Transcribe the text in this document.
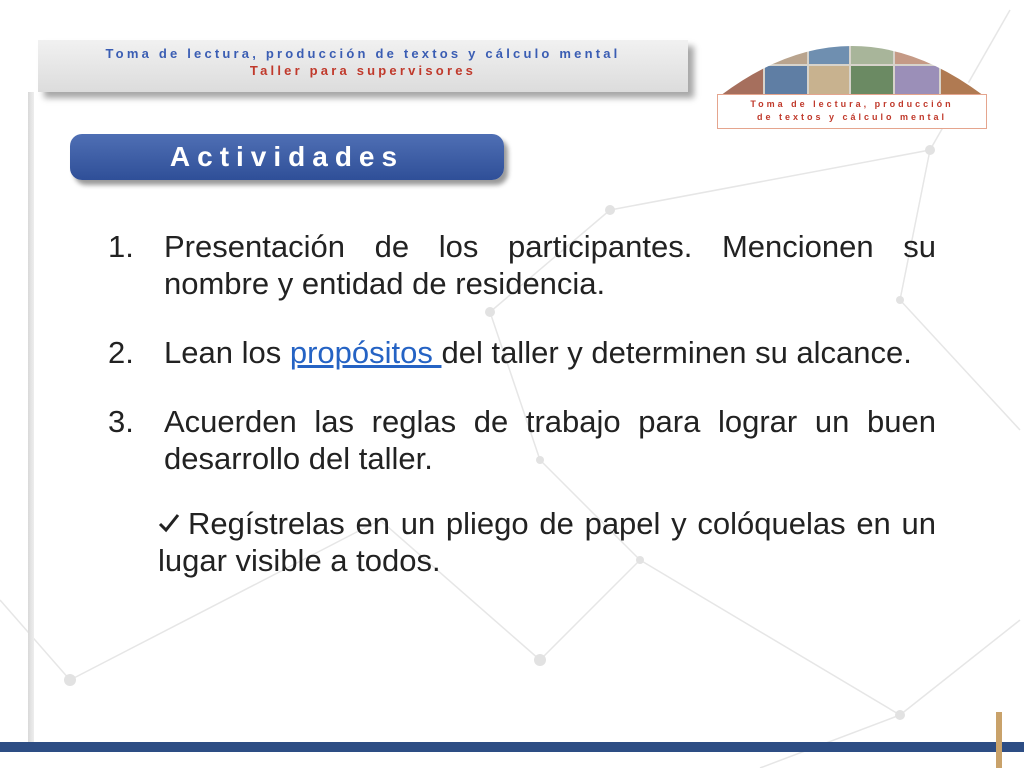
Toma de lectura, producción de textos y cálculo mental
Taller para supervisores
Toma de lectura, producción
de textos y cálculo mental
Actividades
1. Presentación de los participantes. Mencionen su nombre y entidad de residencia.
2. Lean los propósitos del taller y determinen su alcance.
3. Acuerden las reglas de trabajo para lograr un buen desarrollo del taller.
Regístrelas en un pliego de papel y colóquelas en un lugar visible a todos.
